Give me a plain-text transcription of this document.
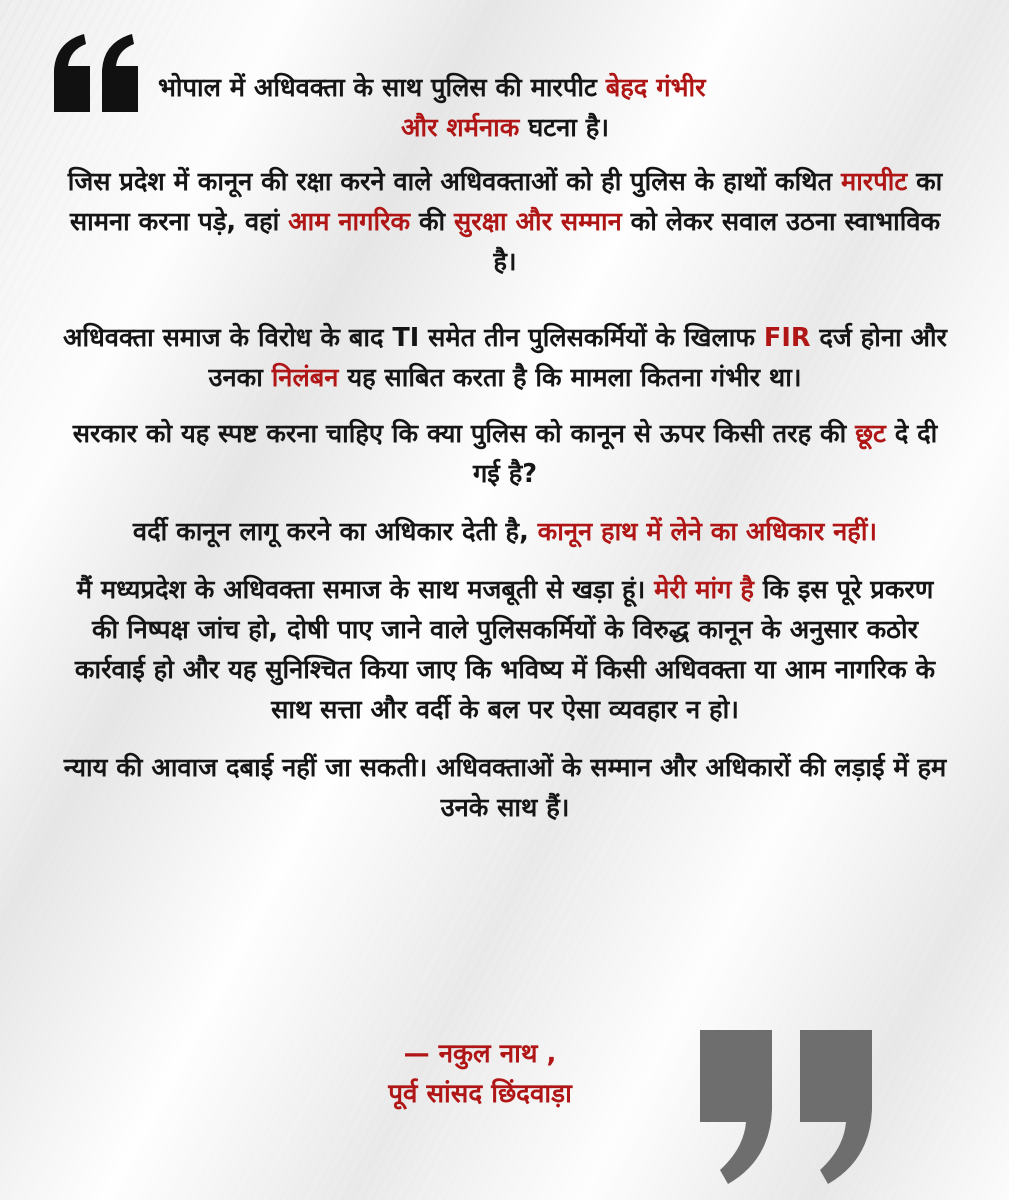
भोपाल में अधिवक्ता के साथ पुलिस की मारपीट बेहद गंभीर
और शर्मनाक घटना है।

जिस प्रदेश में कानून की रक्षा करने वाले अधिवक्ताओं को ही पुलिस के हाथों कथित मारपीट का सामना करना पड़े, वहां आम नागरिक की सुरक्षा और सम्मान को लेकर सवाल उठना स्वाभाविक है।

अधिवक्ता समाज के विरोध के बाद TI समेत तीन पुलिसकर्मियों के खिलाफ FIR दर्ज होना और उनका निलंबन यह साबित करता है कि मामला कितना गंभीर था।

सरकार को यह स्पष्ट करना चाहिए कि क्या पुलिस को कानून से ऊपर किसी तरह की छूट दे दी गई है?

वर्दी कानून लागू करने का अधिकार देती है, कानून हाथ में लेने का अधिकार नहीं।

मैं मध्यप्रदेश के अधिवक्ता समाज के साथ मजबूती से खड़ा हूं। मेरी मांग है कि इस पूरे प्रकरण की निष्पक्ष जांच हो, दोषी पाए जाने वाले पुलिसकर्मियों के विरुद्ध कानून के अनुसार कठोर कार्रवाई हो और यह सुनिश्चित किया जाए कि भविष्य में किसी अधिवक्ता या आम नागरिक के साथ सत्ता और वर्दी के बल पर ऐसा व्यवहार न हो।

न्याय की आवाज दबाई नहीं जा सकती। अधिवक्ताओं के सम्मान और अधिकारों की लड़ाई में हम उनके साथ हैं।

— नकुल नाथ ,
पूर्व सांसद छिंदवाड़ा
